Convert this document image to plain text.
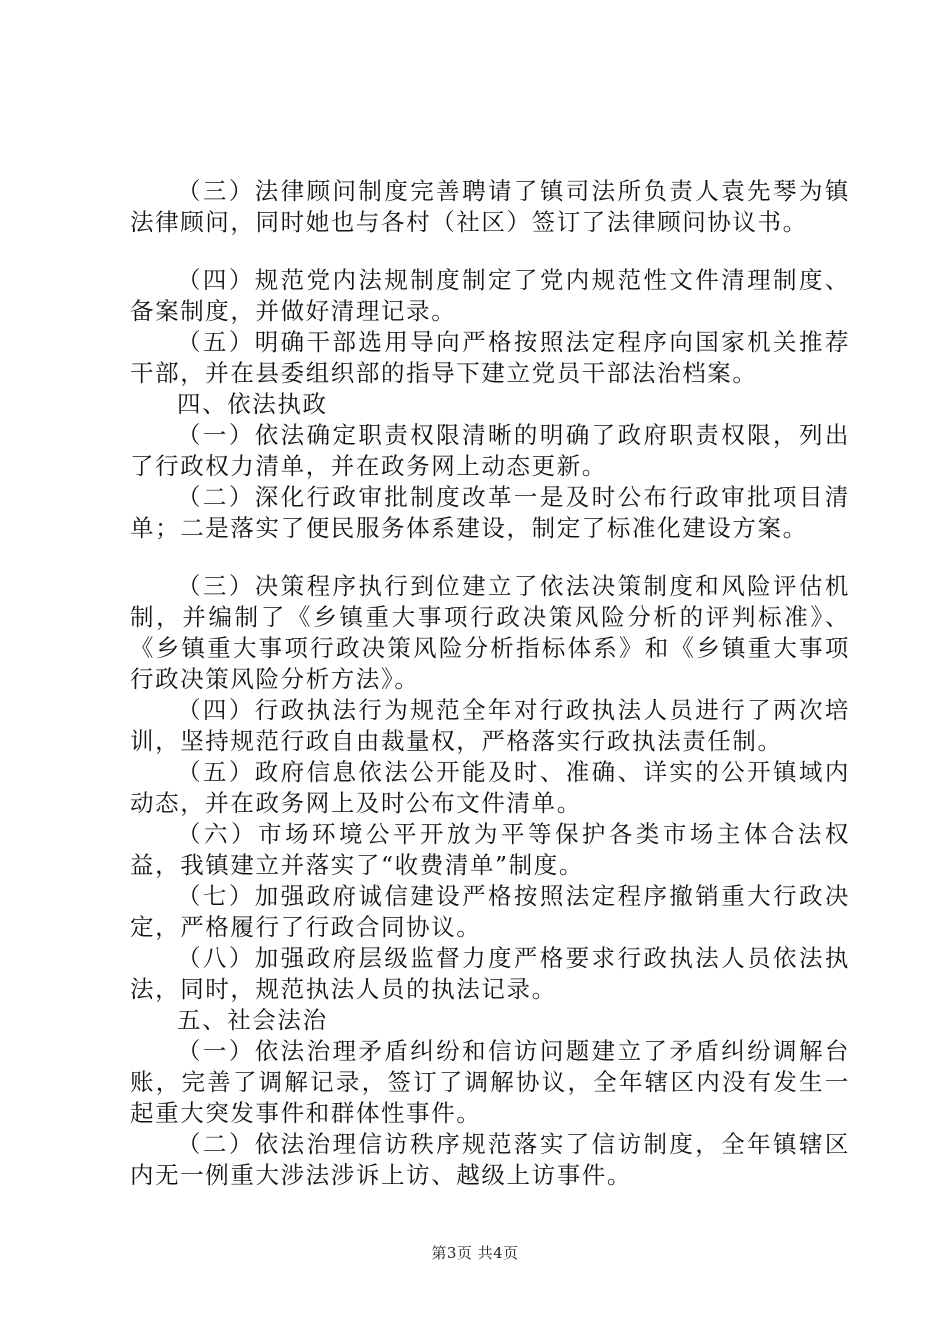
（三）法律顾问制度完善聘请了镇司法所负责人袁先琴为镇法律顾问，同时她也与各村（社区）签订了法律顾问协议书。

（四）规范党内法规制度制定了党内规范性文件清理制度、备案制度，并做好清理记录。

（五）明确干部选用导向严格按照法定程序向国家机关推荐干部，并在县委组织部的指导下建立党员干部法治档案。

四、依法执政

（一）依法确定职责权限清晰的明确了政府职责权限，列出了行政权力清单，并在政务网上动态更新。

（二）深化行政审批制度改革一是及时公布行政审批项目清单；二是落实了便民服务体系建设，制定了标准化建设方案。

（三）决策程序执行到位建立了依法决策制度和风险评估机制，并编制了《乡镇重大事项行政决策风险分析的评判标准》、《乡镇重大事项行政决策风险分析指标体系》和《乡镇重大事项行政决策风险分析方法》。

（四）行政执法行为规范全年对行政执法人员进行了两次培训，坚持规范行政自由裁量权，严格落实行政执法责任制。

（五）政府信息依法公开能及时、准确、详实的公开镇域内动态，并在政务网上及时公布文件清单。

（六）市场环境公平开放为平等保护各类市场主体合法权益，我镇建立并落实了“收费清单”制度。

（七）加强政府诚信建设严格按照法定程序撤销重大行政决定，严格履行了行政合同协议。

（八）加强政府层级监督力度严格要求行政执法人员依法执法，同时，规范执法人员的执法记录。

五、社会法治

（一）依法治理矛盾纠纷和信访问题建立了矛盾纠纷调解台账，完善了调解记录，签订了调解协议，全年辖区内没有发生一起重大突发事件和群体性事件。

（二）依法治理信访秩序规范落实了信访制度，全年镇辖区内无一例重大涉法涉诉上访、越级上访事件。

第3页 共4页
